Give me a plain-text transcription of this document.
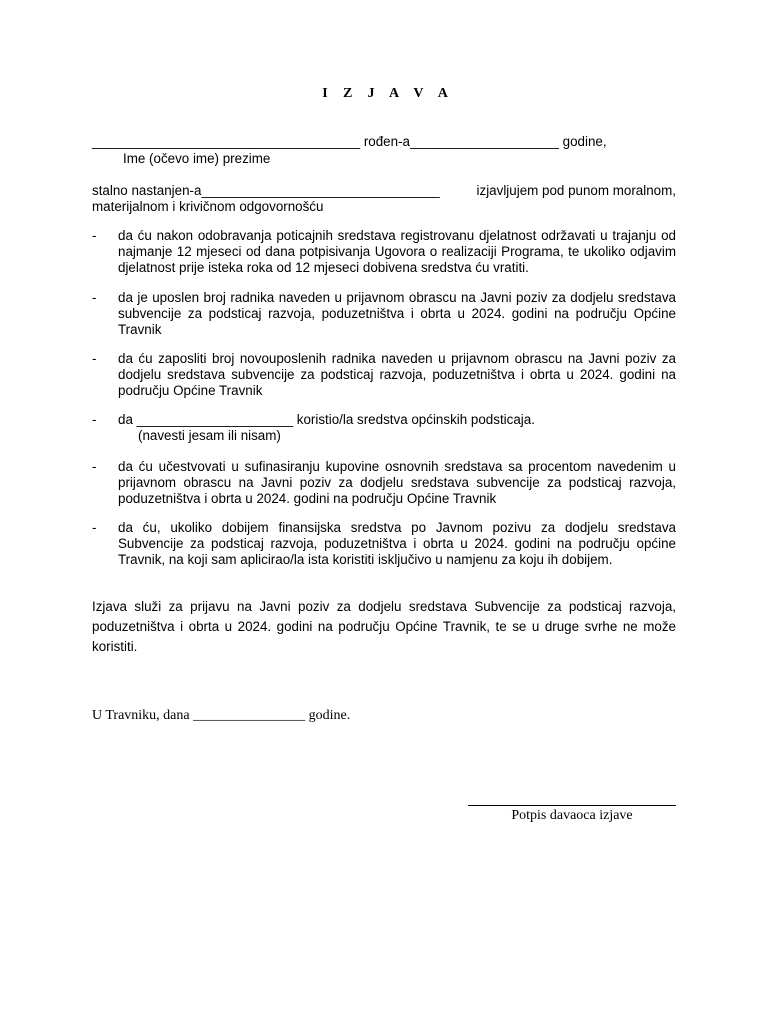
I Z J A V A
____________________________________ rođen-a____________________ godine,
Ime (očevo ime) prezime
stalno nastanjen-a________________________________	izjavljujem pod punom moralnom,
materijalnom i krivičnom odgovornošću
- da ću nakon odobravanja poticajnih sredstava registrovanu djelatnost održavati u trajanju od najmanje 12 mjeseci od dana potpisivanja Ugovora o realizaciji Programa, te ukoliko odjavim djelatnost prije isteka roka od 12 mjeseci dobivena sredstva ću vratiti.
- da je uposlen broj radnika naveden u prijavnom obrascu na Javni poziv za dodjelu sredstava subvencije za podsticaj razvoja, poduzetništva i obrta u 2024. godini na području Općine Travnik
- da ću zaposliti broj novouposlenih radnika naveden u prijavnom obrascu na Javni poziv za dodjelu sredstava subvencije za podsticaj razvoja, poduzetništva i obrta u 2024. godini na području Općine Travnik
- da _____________________ koristio/la sredstva općinskih podsticaja.
(navesti jesam ili nisam)
- da ću učestvovati u sufinasiranju kupovine osnovnih sredstava sa procentom navedenim u prijavnom obrascu na Javni poziv za dodjelu sredstava subvencije za podsticaj razvoja, poduzetništva i obrta u 2024. godini na području Općine Travnik
- da ću, ukoliko dobijem finansijska sredstva po Javnom pozivu za dodjelu sredstava Subvencije za podsticaj razvoja, poduzetništva i obrta u 2024. godini na području općine Travnik, na koji sam aplicirao/la ista koristiti isključivo u namjenu za koju ih dobijem.
Izjava služi za prijavu na Javni poziv za dodjelu sredstava Subvencije za podsticaj razvoja, poduzetništva i obrta u 2024. godini na području Općine Travnik, te se u druge svrhe ne može koristiti.
U Travniku, dana ________________ godine.
Potpis davaoca izjave
